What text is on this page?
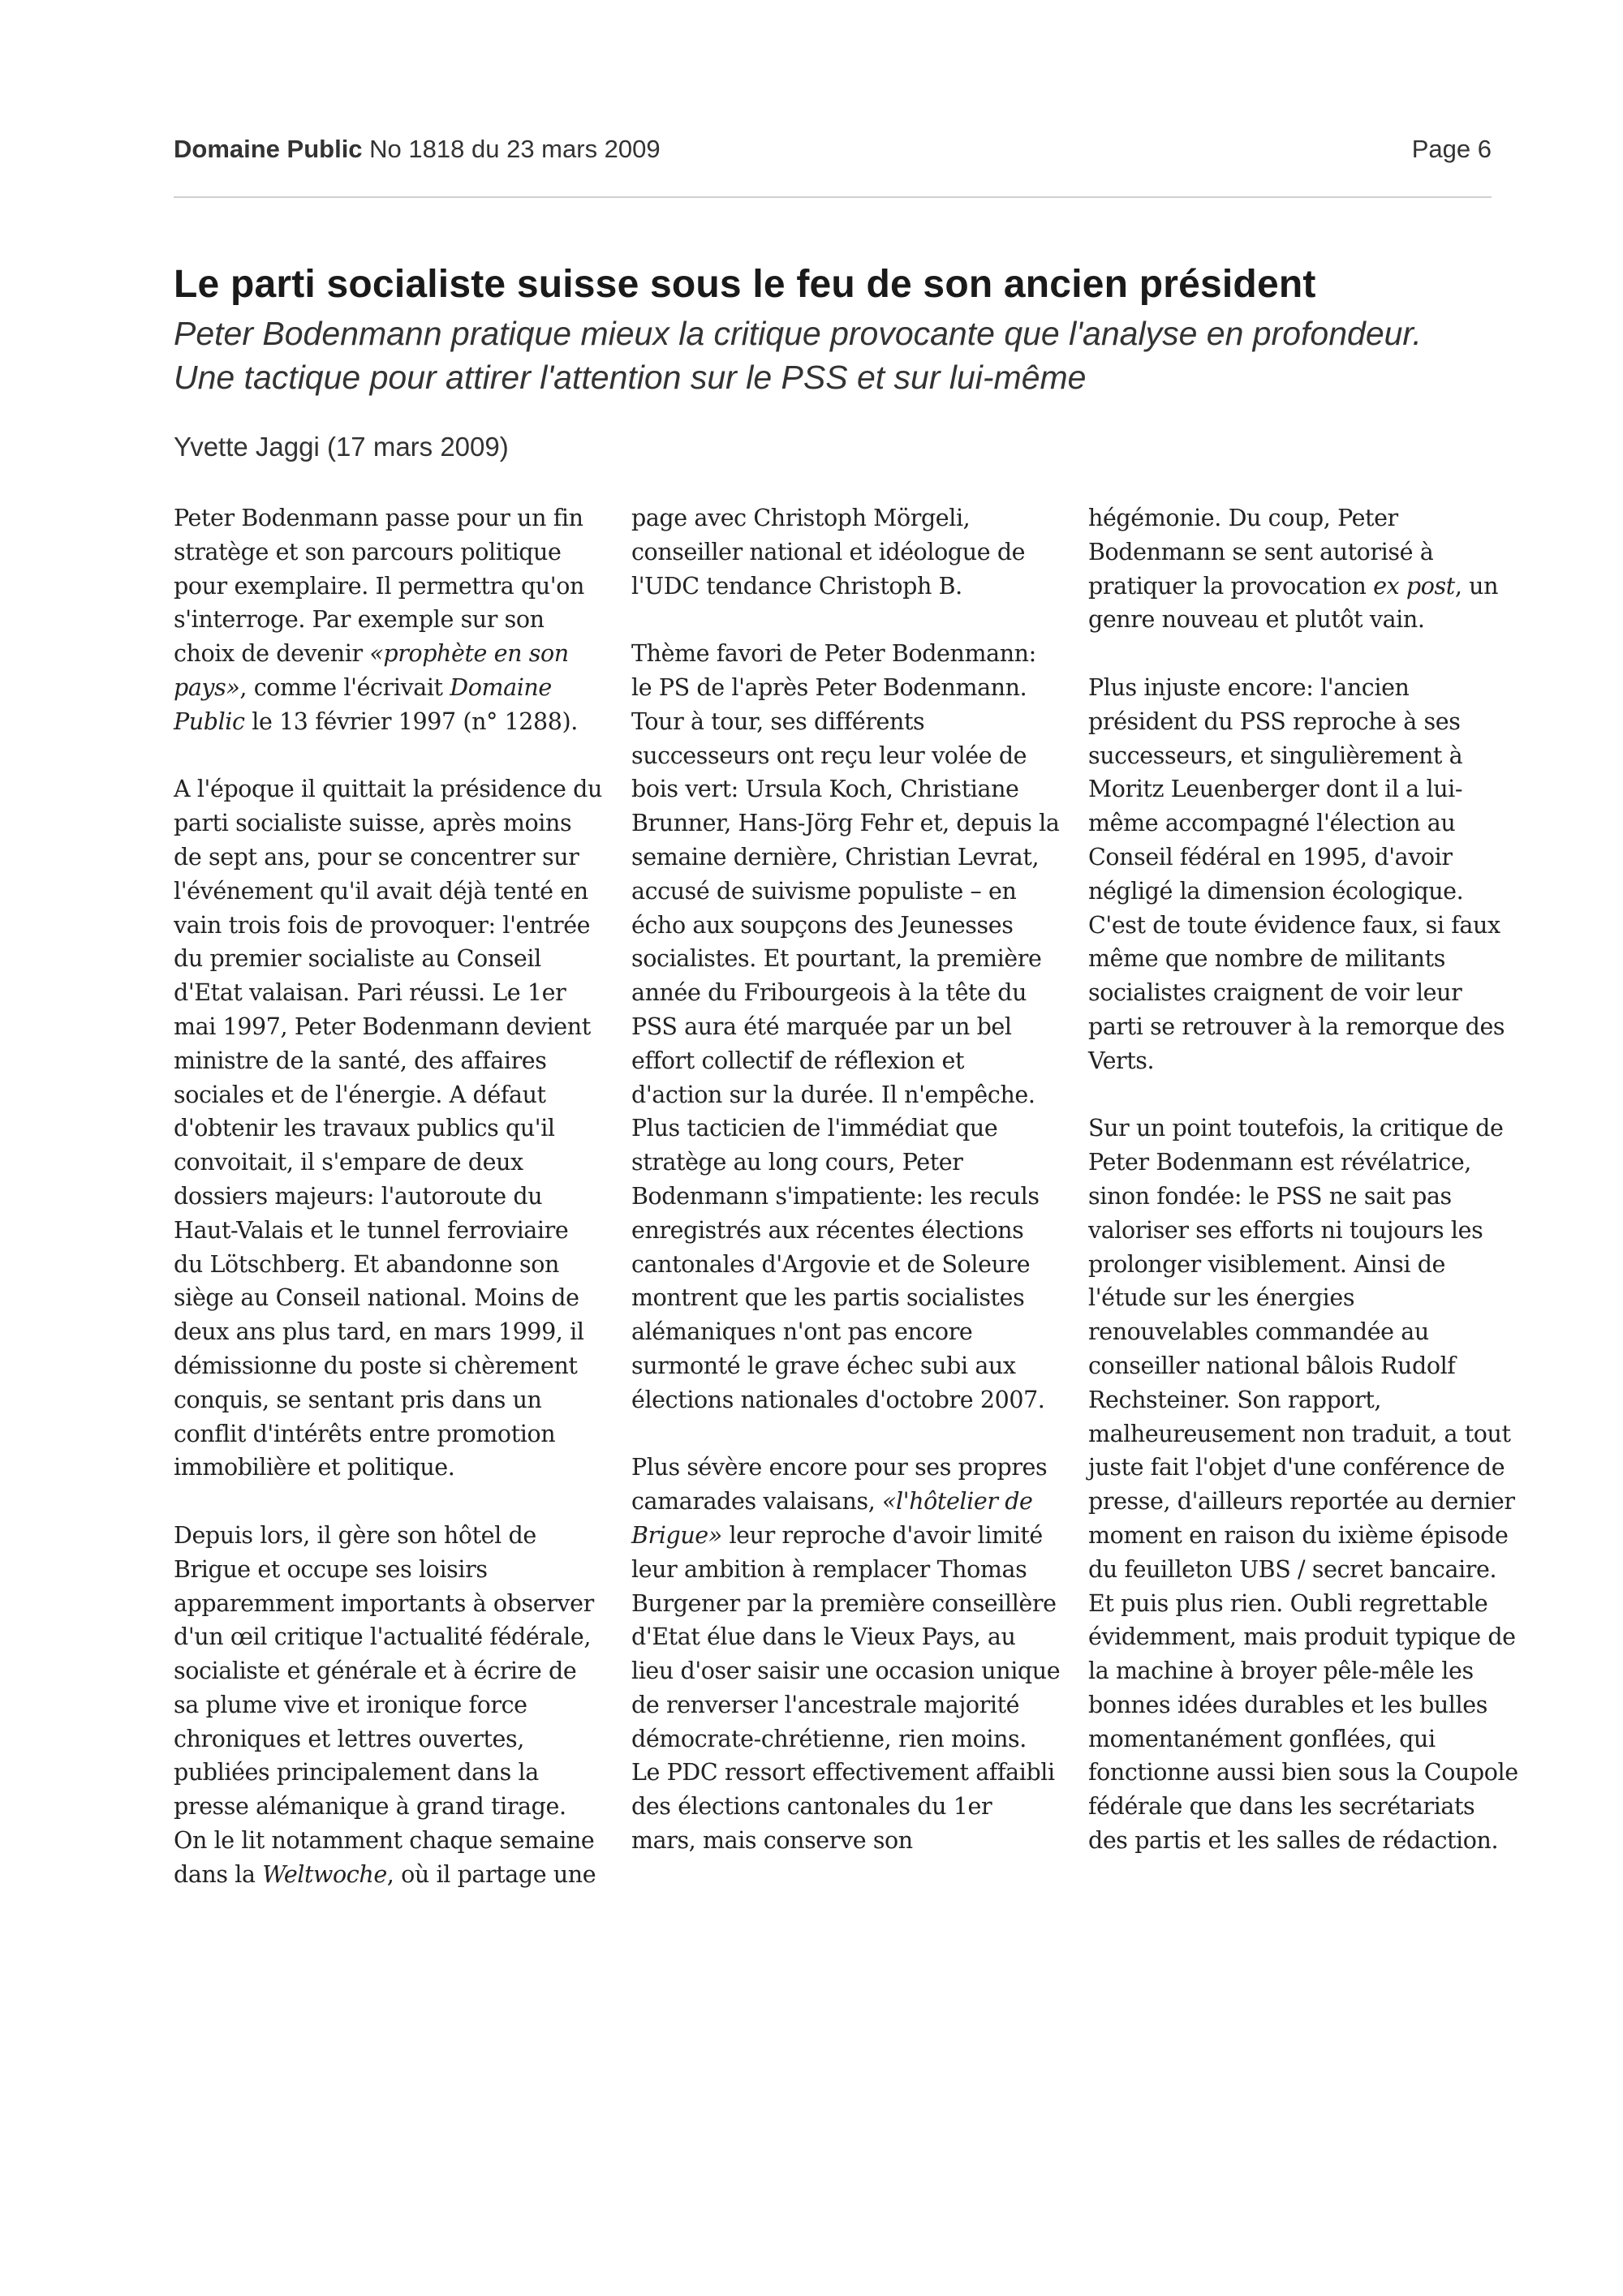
Domaine Public No 1818 du 23 mars 2009	Page 6
Le parti socialiste suisse sous le feu de son ancien président

Peter Bodenmann pratique mieux la critique provocante que l'analyse en profondeur. Une tactique pour attirer l'attention sur le PSS et sur lui-même

Yvette Jaggi (17 mars 2009)

Peter Bodenmann passe pour un fin stratège et son parcours politique pour exemplaire. Il permettra qu'on s'interroge. Par exemple sur son choix de devenir «prophète en son pays», comme l'écrivait Domaine Public le 13 février 1997 (n° 1288).

A l'époque il quittait la présidence du parti socialiste suisse, après moins de sept ans, pour se concentrer sur l'événement qu'il avait déjà tenté en vain trois fois de provoquer: l'entrée du premier socialiste au Conseil d'Etat valaisan. Pari réussi. Le 1er mai 1997, Peter Bodenmann devient ministre de la santé, des affaires sociales et de l'énergie. A défaut d'obtenir les travaux publics qu'il convoitait, il s'empare de deux dossiers majeurs: l'autoroute du Haut-Valais et le tunnel ferroviaire du Lötschberg. Et abandonne son siège au Conseil national. Moins de deux ans plus tard, en mars 1999, il démissionne du poste si chèrement conquis, se sentant pris dans un conflit d'intérêts entre promotion immobilière et politique.

Depuis lors, il gère son hôtel de Brigue et occupe ses loisirs apparemment importants à observer d'un œil critique l'actualité fédérale, socialiste et générale et à écrire de sa plume vive et ironique force chroniques et lettres ouvertes, publiées principalement dans la presse alémanique à grand tirage. On le lit notamment chaque semaine dans la Weltwoche, où il partage une

page avec Christoph Mörgeli, conseiller national et idéologue de l'UDC tendance Christoph B.

Thème favori de Peter Bodenmann: le PS de l'après Peter Bodenmann. Tour à tour, ses différents successeurs ont reçu leur volée de bois vert: Ursula Koch, Christiane Brunner, Hans-Jörg Fehr et, depuis la semaine dernière, Christian Levrat, accusé de suivisme populiste – en écho aux soupçons des Jeunesses socialistes. Et pourtant, la première année du Fribourgeois à la tête du PSS aura été marquée par un bel effort collectif de réflexion et d'action sur la durée. Il n'empêche. Plus tacticien de l'immédiat que stratège au long cours, Peter Bodenmann s'impatiente: les reculs enregistrés aux récentes élections cantonales d'Argovie et de Soleure montrent que les partis socialistes alémaniques n'ont pas encore surmonté le grave échec subi aux élections nationales d'octobre 2007.

Plus sévère encore pour ses propres camarades valaisans, «l'hôtelier de Brigue» leur reproche d'avoir limité leur ambition à remplacer Thomas Burgener par la première conseillère d'Etat élue dans le Vieux Pays, au lieu d'oser saisir une occasion unique de renverser l'ancestrale majorité démocrate-chrétienne, rien moins. Le PDC ressort effectivement affaibli des élections cantonales du 1er mars, mais conserve son

hégémonie. Du coup, Peter Bodenmann se sent autorisé à pratiquer la provocation ex post, un genre nouveau et plutôt vain.

Plus injuste encore: l'ancien président du PSS reproche à ses successeurs, et singulièrement à Moritz Leuenberger dont il a lui-même accompagné l'élection au Conseil fédéral en 1995, d'avoir négligé la dimension écologique. C'est de toute évidence faux, si faux même que nombre de militants socialistes craignent de voir leur parti se retrouver à la remorque des Verts.

Sur un point toutefois, la critique de Peter Bodenmann est révélatrice, sinon fondée: le PSS ne sait pas valoriser ses efforts ni toujours les prolonger visiblement. Ainsi de l'étude sur les énergies renouvelables commandée au conseiller national bâlois Rudolf Rechsteiner. Son rapport, malheureusement non traduit, a tout juste fait l'objet d'une conférence de presse, d'ailleurs reportée au dernier moment en raison du ixième épisode du feuilleton UBS / secret bancaire. Et puis plus rien. Oubli regrettable évidemment, mais produit typique de la machine à broyer pêle-mêle les bonnes idées durables et les bulles momentanément gonflées, qui fonctionne aussi bien sous la Coupole fédérale que dans les secrétariats des partis et les salles de rédaction.
